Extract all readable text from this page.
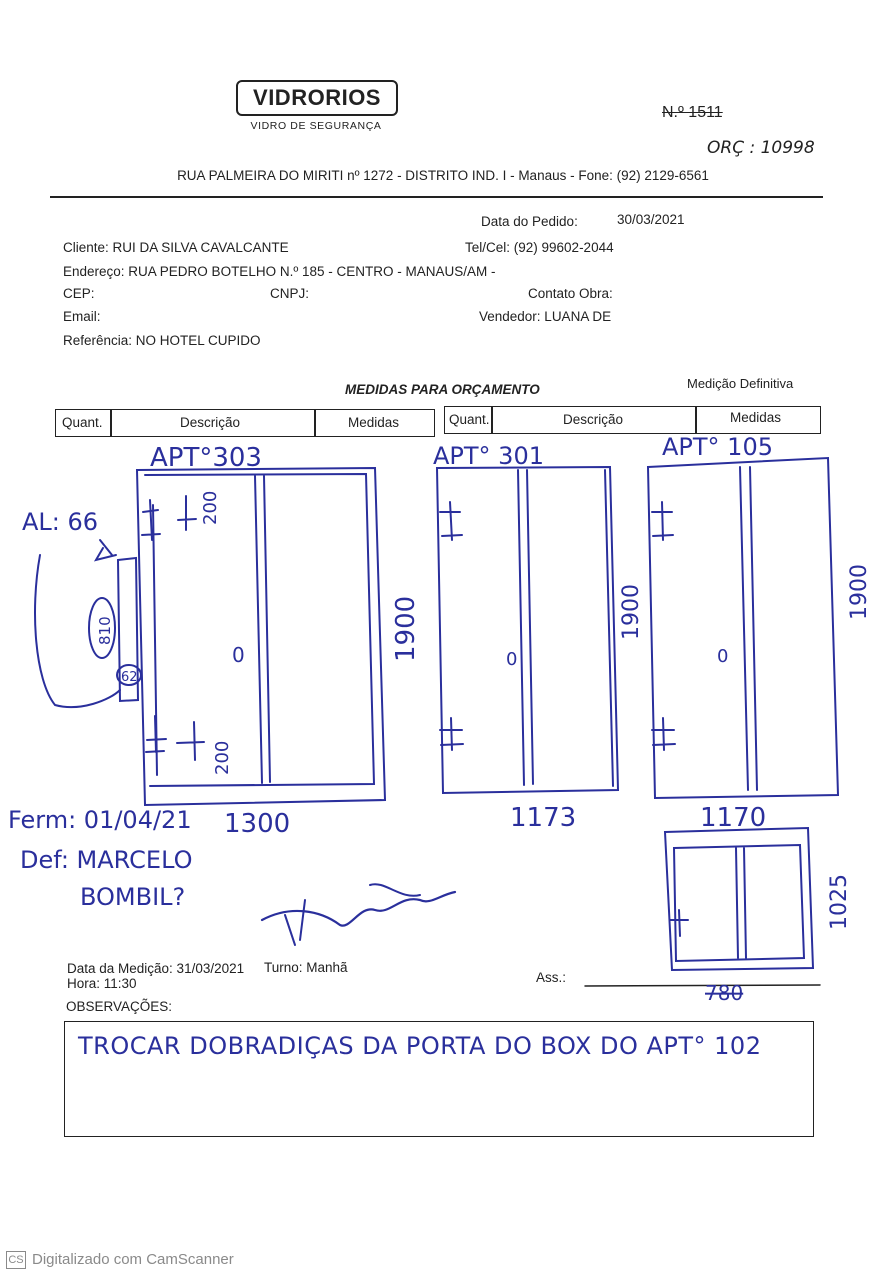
VIDRORIOS
VIDRO DE SEGURANÇA
N.º 1511
ORÇ : 10998
RUA PALMEIRA DO MIRITI nº 1272 - DISTRITO IND. I - Manaus - Fone: (92) 2129-6561
Data do Pedido:	30/03/2021
Cliente: RUI DA SILVA CAVALCANTE	Tel/Cel: (92) 99602-2044
Endereço: RUA PEDRO BOTELHO N.º 185 - CENTRO - MANAUS/AM -
CEP:	CNPJ:	Contato Obra:
Email:	Vendedor: LUANA DE
Referência: NO HOTEL CUPIDO
MEDIDAS PARA ORÇAMENTO	Medição Definitiva
Quant.	Descrição	Medidas	Quant.	Descrição	Medidas
APT°303	APT° 301	APT° 105
1300	1173	1170
1900	1900	1900
200
200
0	0	0
AL: 66
810
62
780
1025
Ferm: 01/04/21
Def: MARCELO
BOMBIL?
Data da Medição: 31/03/2021 Turno: Manhã
Hora: 11:30	Ass.:
OBSERVAÇÕES:
TROCAR DOBRADIÇAS DA PORTA DO BOX DO APT° 102
CS Digitalizado com CamScanner
